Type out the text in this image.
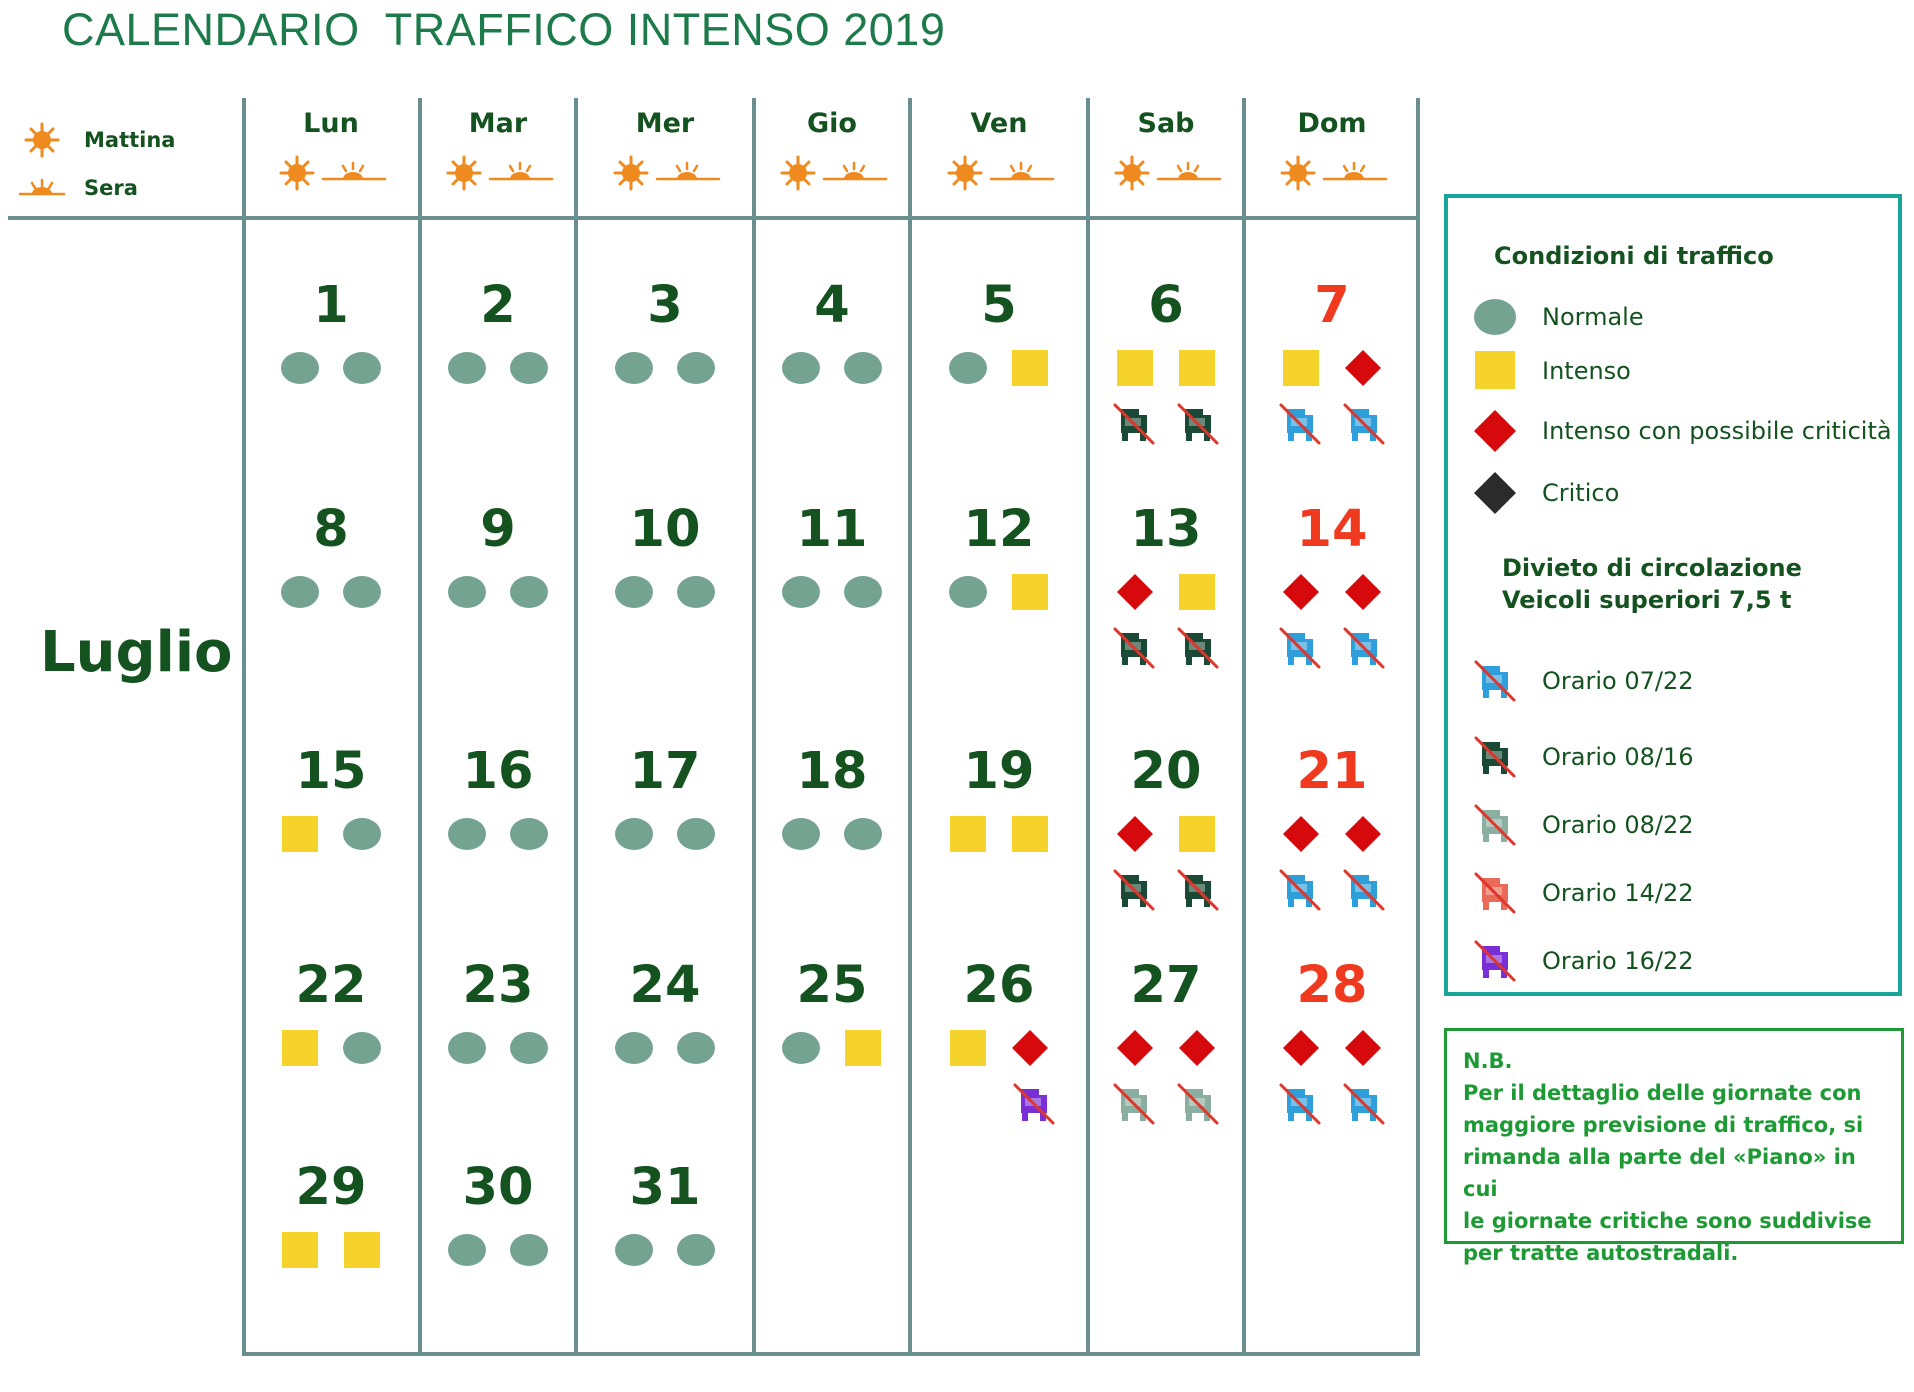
CALENDARIO  TRAFFICO INTENSO 2019
Mattina
Sera
Lun	Mar	Mer	Gio	Ven	Sab	Dom
Luglio
1	2	3	4	5	6	7
8	9	10	11	12	13	14
15	16	17	18	19	20	21
22	23	24	25	26	27	28
29	30	31
Condizioni di traffico
Normale
Intenso
Intenso con possibile criticità
Critico
Divieto di circolazione
Veicoli superiori 7,5 t
Orario 07/22
Orario 08/16
Orario 08/22
Orario 14/22
Orario 16/22

N.B.

Per il dettaglio delle giornate con

maggiore previsione di traffico, si

rimanda alla parte del «Piano» in cui

le giornate critiche sono suddivise

per tratte autostradali.
